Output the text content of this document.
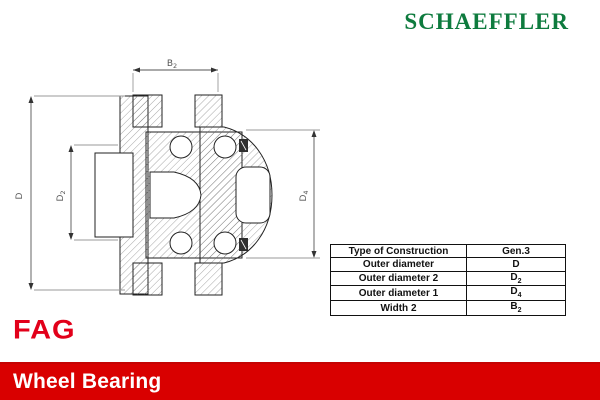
SCHAEFFLER
$B_2$
D	$D_2$
$D_4$
Type of Construction	Gen.3
Outer diameter	D
Outer diameter 2	$D_2$
Outer diameter 1	$D_4$
Width 2	$B_2$
FAG
Wheel Bearing
